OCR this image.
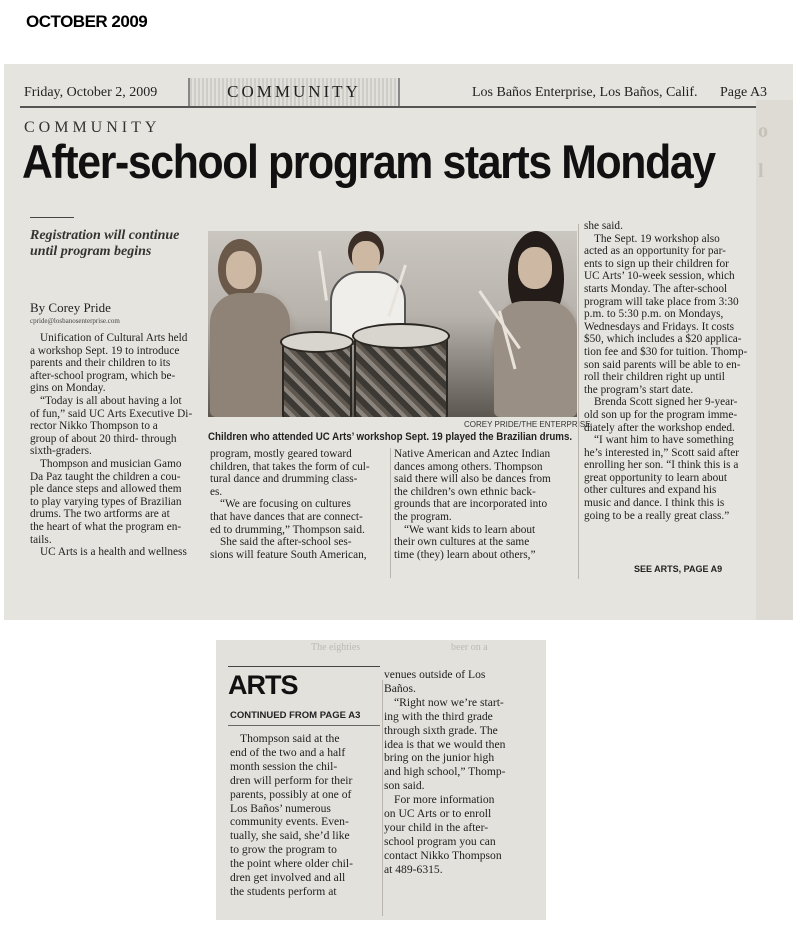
OCTOBER 2009
o
l
Friday, October 2, 2009	COMMUNITY	Los Baños Enterprise, Los Baños, Calif. Page A3
COMMUNITY
After-school program starts Monday
Registration will continue
until program begins
By Corey Pride
cpride@losbanosenterprise.com
Unification of Cultural Arts held
a workshop Sept. 19 to introduce
parents and their children to its
after-school program, which be-
gins on Monday.
“Today is all about having a lot
of fun,” said UC Arts Executive Di-
rector Nikko Thompson to a
group of about 20 third- through
sixth-graders.
Thompson and musician Gamo
Da Paz taught the children a cou-
ple dance steps and allowed them
to play varying types of Brazilian
drums. The two artforms are at
the heart of what the program en-
tails.
UC Arts is a health and wellness
COREY PRIDE/THE ENTERPRISE
Children who attended UC Arts’ workshop Sept. 19 played the Brazilian drums.
program, mostly geared toward
children, that takes the form of cul-
tural dance and drumming class-
es.
“We are focusing on cultures
that have dances that are connect-
ed to drumming,” Thompson said.
She said the after-school ses-
sions will feature South American,
Native American and Aztec Indian
dances among others. Thompson
said there will also be dances from
the children’s own ethnic back-
grounds that are incorporated into
the program.
“We want kids to learn about
their own cultures at the same
time (they) learn about others,”
she said.
The Sept. 19 workshop also
acted as an opportunity for par-
ents to sign up their children for
UC Arts’ 10-week session, which
starts Monday. The after-school
program will take place from 3:30
p.m. to 5:30 p.m. on Mondays,
Wednesdays and Fridays. It costs
$50, which includes a $20 applica-
tion fee and $30 for tuition. Thomp-
son said parents will be able to en-
roll their children right up until
the program’s start date.
Brenda Scott signed her 9-year-
old son up for the program imme-
diately after the workshop ended.
“I want him to have something
he’s interested in,” Scott said after
enrolling her son. “I think this is a
great opportunity to learn about
other cultures and expand his
music and dance. I think this is
going to be a really great class.”
SEE ARTS, PAGE A9
The eighties	beer on a
ARTS
CONTINUED FROM PAGE A3
Thompson said at the
end of the two and a half
month session the chil-
dren will perform for their
parents, possibly at one of
Los Baños’ numerous
community events. Even-
tually, she said, she’d like
to grow the program to
the point where older chil-
dren get involved and all
the students perform at
venues outside of Los
Baños.
“Right now we’re start-
ing with the third grade
through sixth grade. The
idea is that we would then
bring on the junior high
and high school,” Thomp-
son said.
For more information
on UC Arts or to enroll
your child in the after-
school program you can
contact Nikko Thompson
at 489-6315.
